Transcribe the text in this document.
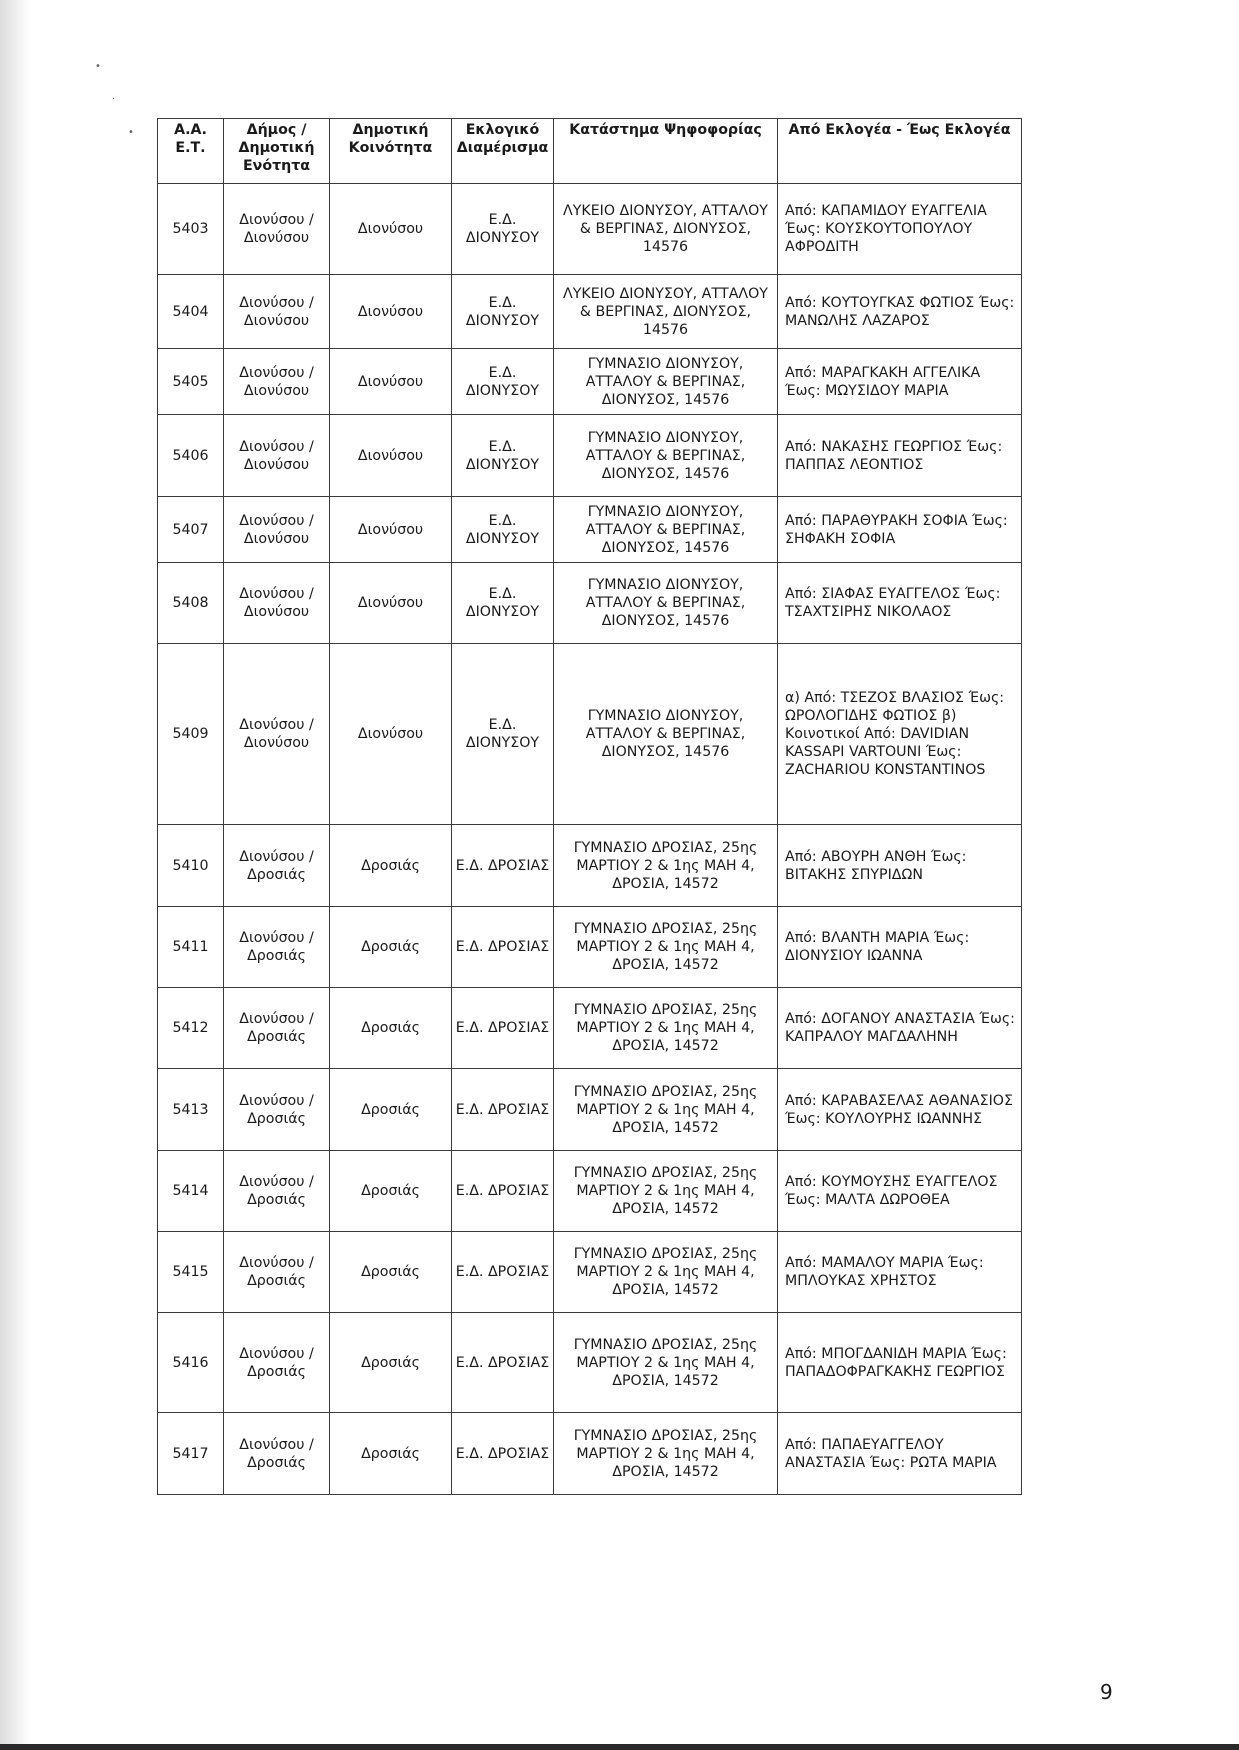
•
·
•	Α.Α. Ε.Τ.	Δήμος / Δημοτική Ενότητα	Δημοτική Κοινότητα	Εκλογικό Διαμέρισμα	Κατάστημα Ψηφοφορίας	Από Εκλογέα - Έως Εκλογέα
5403	Διονύσου / Διονύσου	Διονύσου	Ε.Δ. ΔΙΟΝΥΣΟΥ	ΛΥΚΕΙΟ ΔΙΟΝΥΣΟΥ, ΑΤΤΑΛΟΥ & ΒΕΡΓΙΝΑΣ, ΔΙΟΝΥΣΟΣ, 14576	Από: ΚΑΠΑΜΙΔΟΥ ΕΥΑΓΓΕΛΙΑ Έως: ΚΟΥΣΚΟΥΤΟΠΟΥΛΟΥ ΑΦΡΟΔΙΤΗ
5404	Διονύσου / Διονύσου	Διονύσου	Ε.Δ. ΔΙΟΝΥΣΟΥ	ΛΥΚΕΙΟ ΔΙΟΝΥΣΟΥ, ΑΤΤΑΛΟΥ & ΒΕΡΓΙΝΑΣ, ΔΙΟΝΥΣΟΣ, 14576	Από: ΚΟΥΤΟΥΓΚΑΣ ΦΩΤΙΟΣ Έως: ΜΑΝΩΛΗΣ ΛΑΖΑΡΟΣ
5405	Διονύσου / Διονύσου	Διονύσου	Ε.Δ. ΔΙΟΝΥΣΟΥ	ΓΥΜΝΑΣΙΟ ΔΙΟΝΥΣΟΥ, ΑΤΤΑΛΟΥ & ΒΕΡΓΙΝΑΣ, ΔΙΟΝΥΣΟΣ, 14576	Από: ΜΑΡΑΓΚΑΚΗ ΑΓΓΕΛΙΚΑ Έως: ΜΩΥΣΙΔΟΥ ΜΑΡΙΑ
5406	Διονύσου / Διονύσου	Διονύσου	Ε.Δ. ΔΙΟΝΥΣΟΥ	ΓΥΜΝΑΣΙΟ ΔΙΟΝΥΣΟΥ, ΑΤΤΑΛΟΥ & ΒΕΡΓΙΝΑΣ, ΔΙΟΝΥΣΟΣ, 14576	Από: ΝΑΚΑΣΗΣ ΓΕΩΡΓΙΟΣ Έως: ΠΑΠΠΑΣ ΛΕΟΝΤΙΟΣ
5407	Διονύσου / Διονύσου	Διονύσου	Ε.Δ. ΔΙΟΝΥΣΟΥ	ΓΥΜΝΑΣΙΟ ΔΙΟΝΥΣΟΥ, ΑΤΤΑΛΟΥ & ΒΕΡΓΙΝΑΣ, ΔΙΟΝΥΣΟΣ, 14576	Από: ΠΑΡΑΘΥΡΑΚΗ ΣΟΦΙΑ Έως: ΣΗΦΑΚΗ ΣΟΦΙΑ
5408	Διονύσου / Διονύσου	Διονύσου	Ε.Δ. ΔΙΟΝΥΣΟΥ	ΓΥΜΝΑΣΙΟ ΔΙΟΝΥΣΟΥ, ΑΤΤΑΛΟΥ & ΒΕΡΓΙΝΑΣ, ΔΙΟΝΥΣΟΣ, 14576	Από: ΣΙΑΦΑΣ ΕΥΑΓΓΕΛΟΣ Έως: ΤΣΑΧΤΣΙΡΗΣ ΝΙΚΟΛΑΟΣ
5409	Διονύσου / Διονύσου	Διονύσου	Ε.Δ. ΔΙΟΝΥΣΟΥ	ΓΥΜΝΑΣΙΟ ΔΙΟΝΥΣΟΥ, ΑΤΤΑΛΟΥ & ΒΕΡΓΙΝΑΣ, ΔΙΟΝΥΣΟΣ, 14576	α) Από: ΤΣΕΖΟΣ ΒΛΑΣΙΟΣ Έως: ΩΡΟΛΟΓΙΔΗΣ ΦΩΤΙΟΣ β) Κοινοτικοί Από: DAVIDIAN KASSAPI VARTOUNI Έως: ZACHARIOU KONSTANTINOS
5410	Διονύσου / Δροσιάς	Δροσιάς	Ε.Δ. ΔΡΟΣΙΑΣ	ΓΥΜΝΑΣΙΟ ΔΡΟΣΙΑΣ, 25ης ΜΑΡΤΙΟΥ 2 & 1ης ΜΑΗ 4, ΔΡΟΣΙΑ, 14572	Από: ΑΒΟΥΡΗ ΑΝΘΗ Έως: ΒΙΤΑΚΗΣ ΣΠΥΡΙΔΩΝ
5411	Διονύσου / Δροσιάς	Δροσιάς	Ε.Δ. ΔΡΟΣΙΑΣ	ΓΥΜΝΑΣΙΟ ΔΡΟΣΙΑΣ, 25ης ΜΑΡΤΙΟΥ 2 & 1ης ΜΑΗ 4, ΔΡΟΣΙΑ, 14572	Από: ΒΛΑΝΤΗ ΜΑΡΙΑ Έως: ΔΙΟΝΥΣΙΟΥ ΙΩΑΝΝΑ
5412	Διονύσου / Δροσιάς	Δροσιάς	Ε.Δ. ΔΡΟΣΙΑΣ	ΓΥΜΝΑΣΙΟ ΔΡΟΣΙΑΣ, 25ης ΜΑΡΤΙΟΥ 2 & 1ης ΜΑΗ 4, ΔΡΟΣΙΑ, 14572	Από: ΔΟΓΑΝΟΥ ΑΝΑΣΤΑΣΙΑ Έως: ΚΑΠΡΑΛΟΥ ΜΑΓΔΑΛΗΝΗ
5413	Διονύσου / Δροσιάς	Δροσιάς	Ε.Δ. ΔΡΟΣΙΑΣ	ΓΥΜΝΑΣΙΟ ΔΡΟΣΙΑΣ, 25ης ΜΑΡΤΙΟΥ 2 & 1ης ΜΑΗ 4, ΔΡΟΣΙΑ, 14572	Από: ΚΑΡΑΒΑΣΕΛΑΣ ΑΘΑΝΑΣΙΟΣ Έως: ΚΟΥΛΟΥΡΗΣ ΙΩΑΝΝΗΣ
5414	Διονύσου / Δροσιάς	Δροσιάς	Ε.Δ. ΔΡΟΣΙΑΣ	ΓΥΜΝΑΣΙΟ ΔΡΟΣΙΑΣ, 25ης ΜΑΡΤΙΟΥ 2 & 1ης ΜΑΗ 4, ΔΡΟΣΙΑ, 14572	Από: ΚΟΥΜΟΥΣΗΣ ΕΥΑΓΓΕΛΟΣ Έως: ΜΑΛΤΑ ΔΩΡΟΘΕΑ
5415	Διονύσου / Δροσιάς	Δροσιάς	Ε.Δ. ΔΡΟΣΙΑΣ	ΓΥΜΝΑΣΙΟ ΔΡΟΣΙΑΣ, 25ης ΜΑΡΤΙΟΥ 2 & 1ης ΜΑΗ 4, ΔΡΟΣΙΑ, 14572	Από: ΜΑΜΑΛΟΥ ΜΑΡΙΑ Έως: ΜΠΛΟΥΚΑΣ ΧΡΗΣΤΟΣ
5416	Διονύσου / Δροσιάς	Δροσιάς	Ε.Δ. ΔΡΟΣΙΑΣ	ΓΥΜΝΑΣΙΟ ΔΡΟΣΙΑΣ, 25ης ΜΑΡΤΙΟΥ 2 & 1ης ΜΑΗ 4, ΔΡΟΣΙΑ, 14572	Από: ΜΠΟΓΔΑΝΙΔΗ ΜΑΡΙΑ Έως: ΠΑΠΑΔΟΦΡΑΓΚΑΚΗΣ ΓΕΩΡΓΙΟΣ
5417	Διονύσου / Δροσιάς	Δροσιάς	Ε.Δ. ΔΡΟΣΙΑΣ	ΓΥΜΝΑΣΙΟ ΔΡΟΣΙΑΣ, 25ης ΜΑΡΤΙΟΥ 2 & 1ης ΜΑΗ 4, ΔΡΟΣΙΑ, 14572	Από: ΠΑΠΑΕΥΑΓΓΕΛΟΥ ΑΝΑΣΤΑΣΙΑ Έως: ΡΩΤΑ ΜΑΡΙΑ
9
